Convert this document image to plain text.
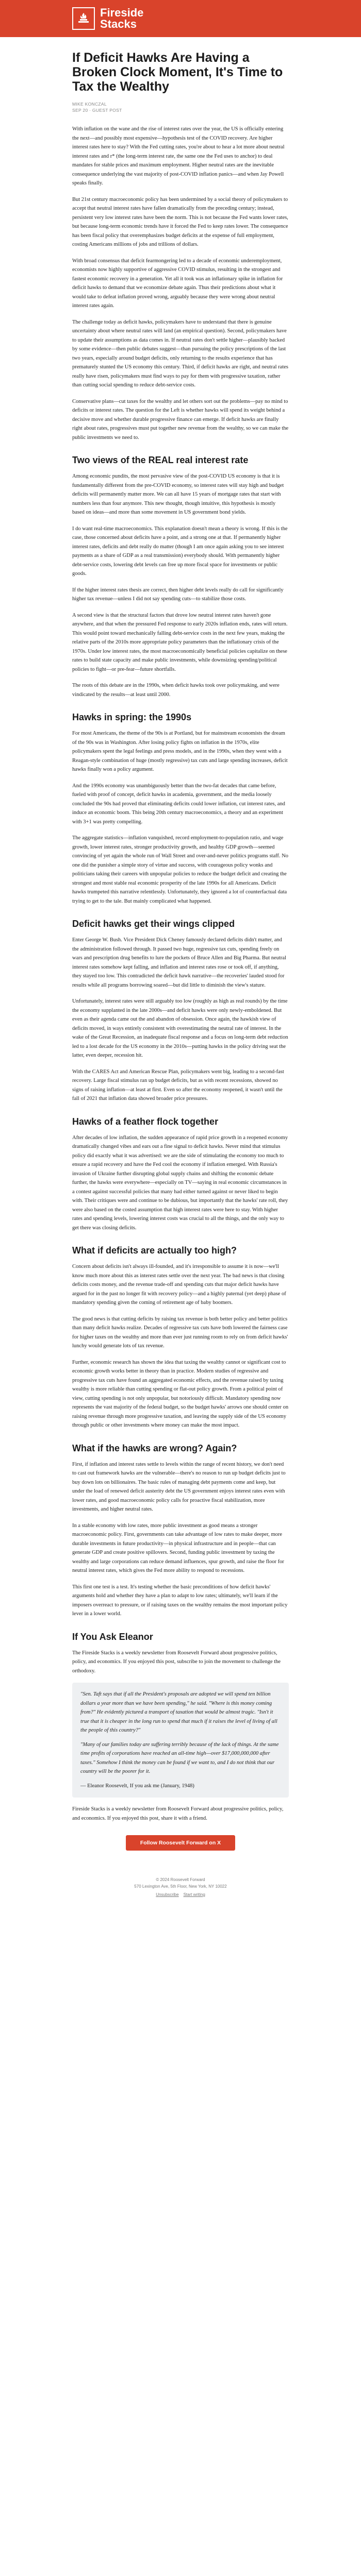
Fireside
Stacks
If Deficit Hawks Are Having a Broken Clock Moment, It's Time to Tax the Wealthy
MIKE KONCZAL
SEP 20 · GUEST POST

With inflation on the wane and the rise of interest rates over the year, the US is officially entering the next—and possibly most expensive—hypothesis test of the COVID recovery. Are higher interest rates here to stay? With the Fed cutting rates, you're about to hear a lot more about neutral interest rates and r* (the long-term interest rate, the same one the Fed uses to anchor) to deal mandates for stable prices and maximum employment. Higher neutral rates are the inevitable consequence underlying the vast majority of post-COVID inflation panics—and when Jay Powell speaks finally.

But 21st century macroeconomic policy has been undermined by a social theory of policymakers to accept that neutral interest rates have fallen dramatically from the preceding century; instead, persistent very low interest rates have been the norm. This is not because the Fed wants lower rates, but because long-term economic trends have it forced the Fed to keep rates lower. The consequence has been fiscal policy that overemphasizes budget deficits at the expense of full employment, costing Americans millions of jobs and trillions of dollars.

With broad consensus that deficit fearmongering led to a decade of economic underemployment, economists now highly supportive of aggressive COVID stimulus, resulting in the strongest and fastest economic recovery in a generation. Yet all it took was an inflationary spike in inflation for deficit hawks to demand that we economize debate again. Thus their predictions about what it would take to defeat inflation proved wrong, arguably because they were wrong about neutral interest rates again.

The challenge today as deficit hawks, policymakers have to understand that there is genuine uncertainty about where neutral rates will land (an empirical question). Second, policymakers have to update their assumptions as data comes in. If neutral rates don't settle higher—plausibly backed by some evidence—then public debates suggest—than pursuing the policy prescriptions of the last two years, especially around budget deficits, only returning to the results experience that has prematurely stunted the US economy this century. Third, if deficit hawks are right, and neutral rates really have risen, policymakers must find ways to pay for them with progressive taxation, rather than cutting social spending to reduce debt-service costs.

Conservative plans—cut taxes for the wealthy and let others sort out the problems—pay no mind to deficits or interest rates. The question for the Left is whether hawks will spend its weight behind a decisive move and whether durable progressive finance can emerge. If deficit hawks are finally right about rates, progressives must put together new revenue from the wealthy, so we can make the public investments we need to.

Two views of the REAL real interest rate

Among economic pundits, the most pervasive view of the post-COVID US economy is that it is fundamentally different from the pre-COVID economy, so interest rates will stay high and budget deficits will permanently matter more. We can all have 15 years of mortgage rates that start with numbers less than four anymore. This new thought, though intuitive, this hypothesis is mostly based on ideas—and more than some movement in US government bond yields.

I do want real-time macroeconomics. This explanation doesn't mean a theory is wrong. If this is the case, those concerned about deficits have a point, and a strong one at that. If permanently higher interest rates, deficits and debt really do matter (though I am once again asking you to see interest payments as a share of GDP as a real transmission) everybody should. With permanently higher debt-service costs, lowering debt levels can free up more fiscal space for investments or public goods.

If the higher interest rates thesis are correct, then higher debt levels really do call for significantly higher tax revenue—unless I did not say spending cuts—to stabilize those costs.

A second view is that the structural factors that drove low neutral interest rates haven't gone anywhere, and that when the pressured Fed response to early 2020s inflation ends, rates will return. This would point toward mechanically falling debt-service costs in the next few years, making the relative parts of the 2010s more appropriate policy parameters than the inflationary crisis of the 1970s. Under low interest rates, the most macroeconomically beneficial policies capitalize on these rates to build state capacity and make public investments, while downsizing spending/political policies to fight—or pre-fear—future shortfalls.

The roots of this debate are in the 1990s, when deficit hawks took over policymaking, and were vindicated by the results—at least until 2000.

Hawks in spring: the 1990s

For most Americans, the theme of the 90s is at Portland, but for mainstream economists the dream of the 90s was in Washington. After losing policy fights on inflation in the 1970s, elite policymakers spent the legal feelings and press models, and in the 1990s, when they went with a Reagan-style combination of huge (mostly regressive) tax cuts and large spending increases, deficit hawks finally won a policy argument.

And the 1990s economy was unambiguously better than the two-fat decades that came before, fueled with proof of concept, deficit hawks in academia, government, and the media loosely concluded the 90s had proved that eliminating deficits could lower inflation, cut interest rates, and induce an economic boom. This being 20th century macroeconomics, a theory and an experiment with 3+1 was pretty compelling.

The aggregate statistics—inflation vanquished, record employment-to-population ratio, and wage growth, lower interest rates, stronger productivity growth, and healthy GDP growth—seemed convincing of yet again the whole run of Wall Street and over-and-never politics programs staff. No one did the punisher a simple story of virtue and success, with courageous policy wonks and politicians taking their careers with unpopular policies to reduce the budget deficit and creating the strongest and most stable real economic prosperity of the late 1990s for all Americans. Deficit hawks trumpeted this narrative relentlessly. Unfortunately, they ignored a lot of counterfactual data trying to get to the tale. But mainly complicated what happened.

Deficit hawks get their wings clipped

Enter George W. Bush. Vice President Dick Cheney famously declared deficits didn't matter, and the administration followed through. It passed two huge, regressive tax cuts, spending freely on wars and prescription drug benefits to lure the pockets of Bruce Allen and Big Pharma. But neutral interest rates somehow kept falling, and inflation and interest rates rose or took off, if anything, they stayed too low. This contradicted the deficit hawk narrative—the recoveries' lauded stood for results while all programs borrowing soared—but did little to diminish the view's stature.

Unfortunately, interest rates were still arguably too low (roughly as high as real rounds) by the time the economy supplanted in the late 2000s—and deficit hawks were only newly-emboldened. But even as their agenda came out the and abandon of obsession. Once again, the hawkish view of deficits moved, in ways entirely consistent with overestimating the neutral rate of interest. In the wake of the Great Recession, an inadequate fiscal response and a focus on long-term debt reduction led to a lost decade for the US economy in the 2010s—putting hawks in the policy driving seat the latter, even deeper, recession hit.

With the CARES Act and American Rescue Plan, policymakers went big, leading to a second-fast recovery. Large fiscal stimulus ran up budget deficits, but as with recent recessions, showed no signs of raising inflation—at least at first. Even so after the economy reopened, it wasn't until the fall of 2021 that inflation data showed broader price pressures.

Hawks of a feather flock together

After decades of low inflation, the sudden appearance of rapid price growth in a reopened economy dramatically changed vibes and ears out a fine signal to deficit hawks. Never mind that stimulus policy did exactly what it was advertised: we are the side of stimulating the economy too much to ensure a rapid recovery and have the Fed cool the economy if inflation emerged. With Russia's invasion of Ukraine further disrupting global supply chains and shifting the economic debate further, the hawks were everywhere—especially on TV—saying in real economic circumstances in a contest against successful policies that many had either turned against or never liked to begin with. Their critiques were and continue to be dubious, but importantly that the hawks' rate roll, they were also based on the costed assumption that high interest rates were here to stay. With higher rates and spending levels, lowering interest costs was crucial to all the things, and the only way to get there was closing deficits.

What if deficits are actually too high?

Concern about deficits isn't always ill-founded, and it's irresponsible to assume it is now—we'll know much more about this as interest rates settle over the next year. The bad news is that closing deficits costs money, and the revenue trade-off and spending cuts that major deficit hawks have argued for in the past no longer fit with recovery policy—and a highly paternal (yet deep) phase of mandatory spending given the coming of retirement age of baby boomers.

The good news is that cutting deficits by raising tax revenue is both better policy and better politics than many deficit hawks realize. Decades of regressive tax cuts have both lowered the fairness case for higher taxes on the wealthy and more than ever just running room to rely on from deficit hawks' lunchy would generate lots of tax revenue.

Further, economic research has shown the idea that taxing the wealthy cannot or significant cost to economic growth works better in theory than in practice. Modern studies of regressive and progressive tax cuts have found an aggregated economic effects, and the revenue raised by taxing wealthy is more reliable than cutting spending or flat-out policy growth. From a political point of view, cutting spending is not only unpopular, but notoriously difficult. Mandatory spending now represents the vast majority of the federal budget, so the budget hawks' arrows one should center on raising revenue through more progressive taxation, and leaving the supply side of the US economy through public or other investments where money can make the most impact.

What if the hawks are wrong? Again?

First, if inflation and interest rates settle to levels within the range of recent history, we don't need to cast out framework hawks are the vulnerable—there's no reason to run up budget deficits just to buy down lots on billionaires. The basic rules of managing debt payments come and keep, but under the load of renewed deficit austerity debt the US government enjoys interest rates even with lower rates, and good macroeconomic policy calls for proactive fiscal stabilization, more investments, and higher neutral rates.

In a stable economy with low rates, more public investment as good means a stronger macroeconomic policy. First, governments can take advantage of low rates to make deeper, more durable investments in future productivity—in physical infrastructure and in people—that can generate GDP and create positive spillovers. Second, funding public investment by taxing the wealthy and large corporations can reduce demand influences, spur growth, and raise the floor for neutral interest rates, which gives the Fed more ability to respond to recessions.

This first one test is a test. It's testing whether the basic preconditions of how deficit hawks' arguments hold and whether they have a plan to adapt to low rates; ultimately, we'll learn if the imposers overreact to pressure, or if raising taxes on the wealthy remains the most important policy lever in a lower world.

If You Ask Eleanor

The Fireside Stacks is a weekly newsletter from Roosevelt Forward about progressive politics, policy, and economics. If you enjoyed this post, subscribe to join the movement to challenge the orthodoxy.

"Sen. Taft says that if all the President's proposals are adopted we will spend ten billion dollars a year more than we have been spending," he said. "Where is this money coming from?" He evidently pictured a transport of taxation that would be almost tragic. "Isn't it true that it is cheaper in the long run to spend that much if it raises the level of living of all the people of this country?"

"Many of our families today are suffering terribly because of the lack of things. At the same time profits of corporations have reached an all-time high—over $17,000,000,000 after taxes." Somehow I think the money can be found if we want to, and I do not think that our country will be the poorer for it.

— Eleanor Roosevelt, If you ask me (January, 1948)

Fireside Stacks is a weekly newsletter from Roosevelt Forward about progressive politics, policy, and economics. If you enjoyed this post, share it with a friend.

Follow Roosevelt Forward on X
© 2024 Roosevelt Forward
570 Lexington Ave, 5th Floor, New York, NY 10022
Unsubscribe Start writing
